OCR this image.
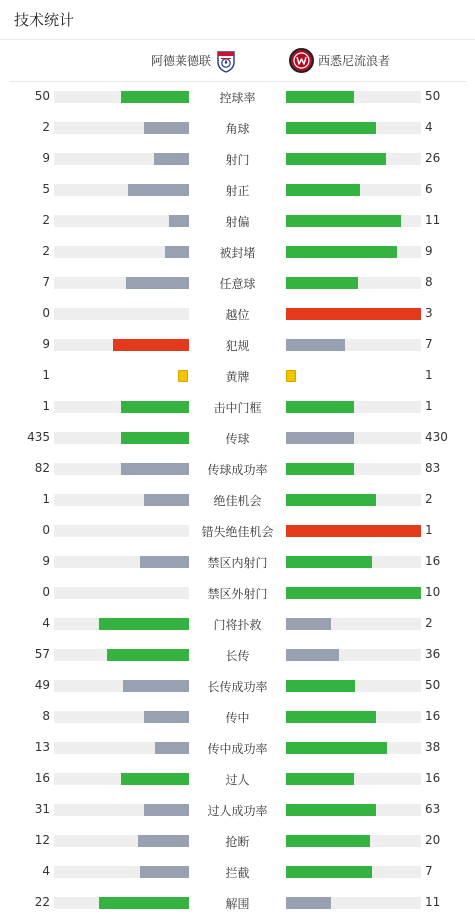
技术统计
阿德莱德联	西悉尼流浪者
50	控球率	50
2	角球	4
9	射门	26
5	射正	6
2	射偏	11
2	被封堵	9
7	任意球	8
0	越位	3
9	犯规	7
1	黄牌	1
1	击中门框	1
435	传球	430
82	传球成功率	83
1	绝佳机会	2
0	错失绝佳机会	1
9	禁区内射门	16
0	禁区外射门	10
4	门将扑救	2
57	长传	36
49	长传成功率	50
8	传中	16
13	传中成功率	38
16	过人	16
31	过人成功率	63
12	抢断	20
4	拦截	7
22	解围	11
